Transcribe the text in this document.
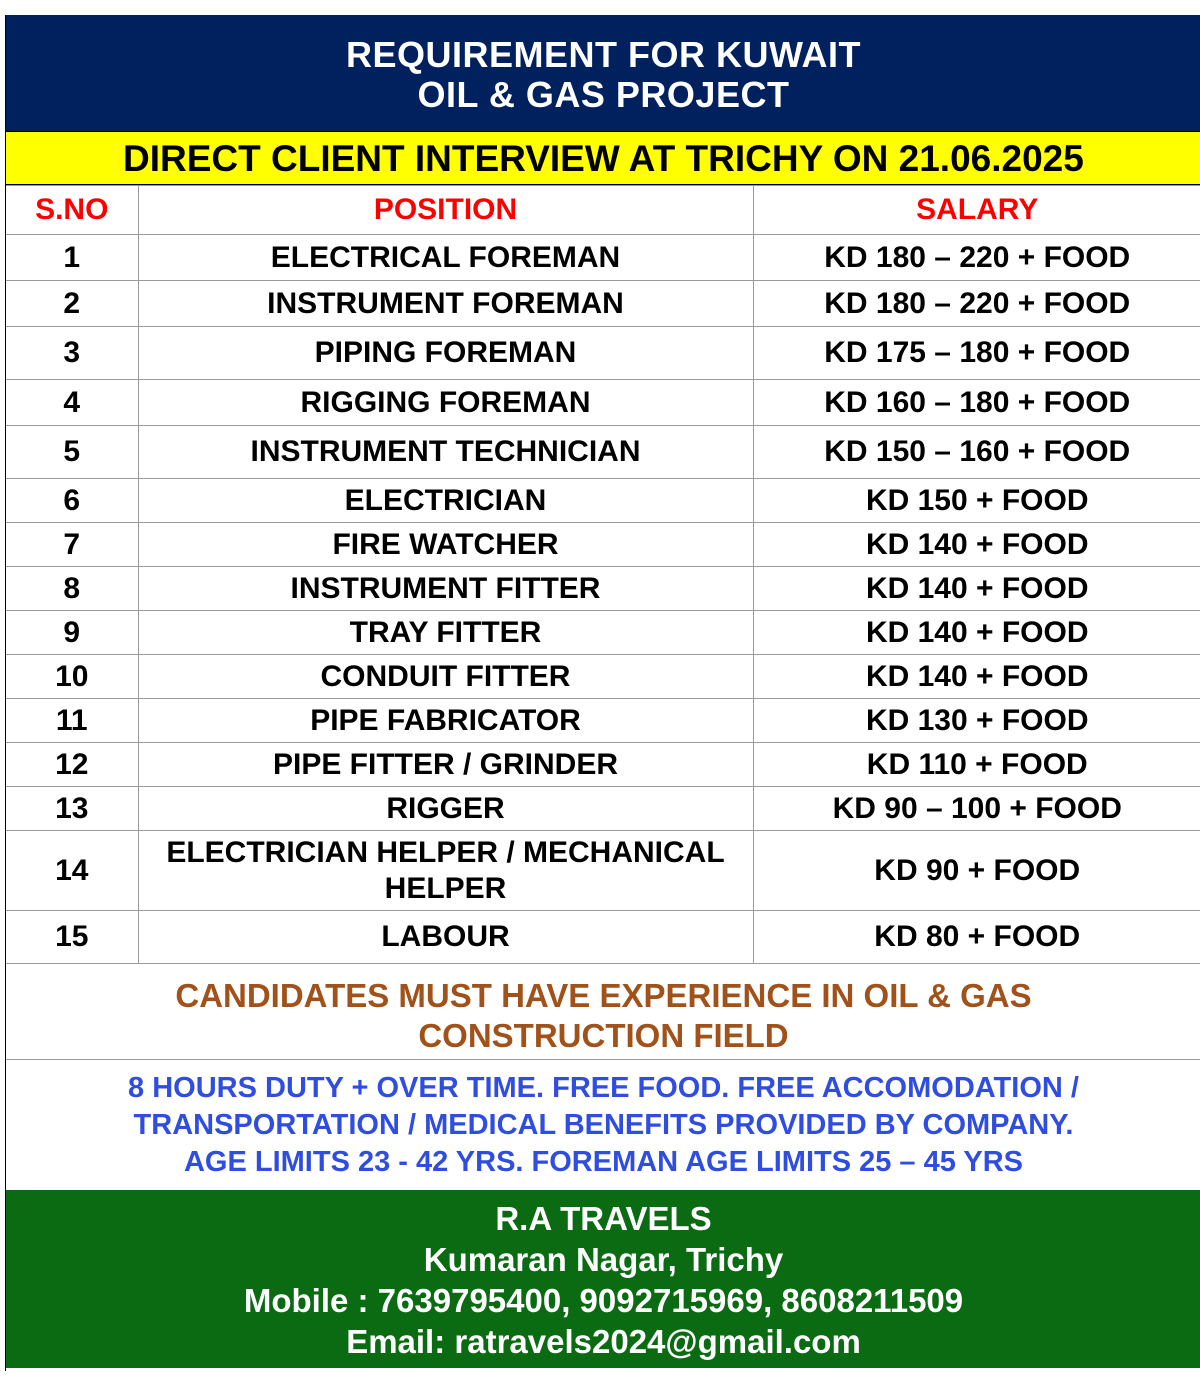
REQUIREMENT FOR KUWAIT
OIL & GAS PROJECT
DIRECT CLIENT INTERVIEW AT TRICHY ON 21.06.2025
S.NO	POSITION	SALARY
1	ELECTRICAL FOREMAN	KD 180 – 220 + FOOD
2	INSTRUMENT FOREMAN	KD 180 – 220 + FOOD
3	PIPING FOREMAN	KD 175 – 180 + FOOD
4	RIGGING FOREMAN	KD 160 – 180 + FOOD
5	INSTRUMENT TECHNICIAN	KD 150 – 160 + FOOD
6	ELECTRICIAN	KD 150 + FOOD
7	FIRE WATCHER	KD 140 + FOOD
8	INSTRUMENT FITTER	KD 140 + FOOD
9	TRAY FITTER	KD 140 + FOOD
10	CONDUIT FITTER	KD 140 + FOOD
11	PIPE FABRICATOR	KD 130 + FOOD
12	PIPE FITTER / GRINDER	KD 110 + FOOD
13	RIGGER	KD 90 – 100 + FOOD
14	ELECTRICIAN HELPER / MECHANICAL HELPER	KD 90 + FOOD
15	LABOUR	KD 80 + FOOD
CANDIDATES MUST HAVE EXPERIENCE IN OIL & GAS
CONSTRUCTION FIELD
8 HOURS DUTY + OVER TIME. FREE FOOD. FREE ACCOMODATION /
TRANSPORTATION / MEDICAL BENEFITS PROVIDED BY COMPANY.
AGE LIMITS 23 - 42 YRS. FOREMAN AGE LIMITS 25 – 45 YRS
R.A TRAVELS
Kumaran Nagar, Trichy
Mobile : 7639795400, 9092715969, 8608211509
Email: ratravels2024@gmail.com
